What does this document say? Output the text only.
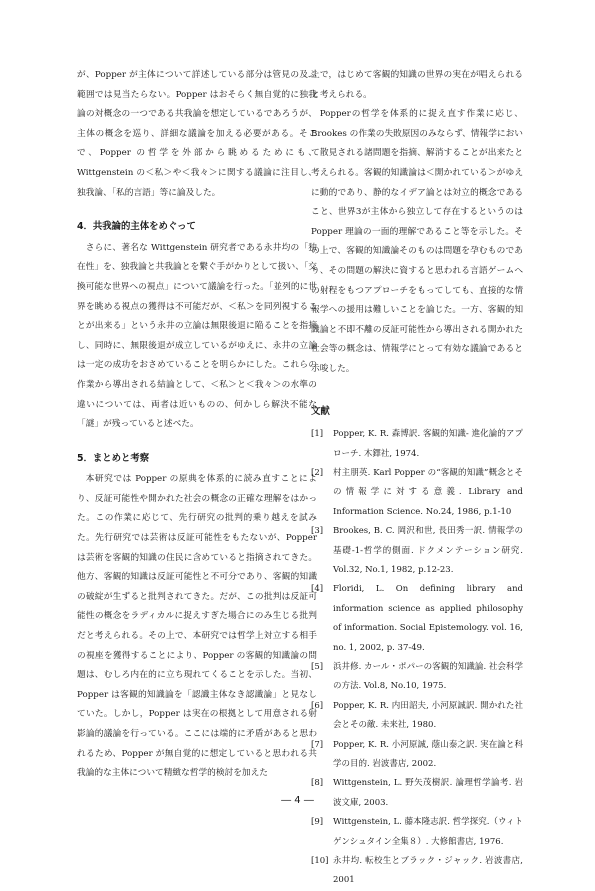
が、Popper が主体について詳述している部分は管見の及ぶ範囲では見当たらない。Popper はおそらく無自覚的に独我論の対概念の一つである共我論を想定しているであろうが、主体の概念を巡り、詳細な議論を加える必要がある。そこで、Popper の哲学を外部から眺めるためにも、Wittgenstein の＜私＞や＜我々＞に関する議論に注目し、独我論、「私的言語」等に論及した。

4．共我論的主体をめぐって

さらに、著名な Wittgenstein 研究者である永井均の「独在性」を、独我論と共我論とを繋ぐ手がかりとして扱い、「交換可能な世界への視点」について議論を行った。「並列的に世界を眺める視点の獲得は不可能だが、＜私＞を同列視することが出来る」という永井の立論は無限後退に陥ることを指摘し、同時に、無限後退が成立しているがゆえに、永井の立論は一定の成功をおさめていることを明らかにした。これらの作業から導出される結論として、＜私＞と＜我々＞の水準の違いについては、両者は近いものの、何かしら解決不能な「謎」が残っていると述べた。

5．まとめと考察

本研究では Popper の原典を体系的に読み直すことにより、反証可能性や開かれた社会の概念の正確な理解をはかった。この作業に応じて、先行研究の批判的乗り越えを試みた。先行研究では芸術は反証可能性をもたないが、Popper は芸術を客観的知識の住民に含めていると指摘されてきた。他方、客観的知識は反証可能性と不可分であり、客観的知識の破綻が生ずると批判されてきた。だが、この批判は反証可能性の概念をラディカルに捉えすぎた場合にのみ生じる批判だと考えられる。その上で、本研究では哲学上対立する相手の視座を獲得することにより、Popper の客観的知識論の問題は、むしろ内在的に立ち現れてくることを示した。当初、Popper は客観的知識論を「認識主体なき認識論」と見なしていた。しかし，Popper は実在の根拠として用意される射影論的議論を行っている。ここには端的に矛盾があると思われるため、Popper が無自覚的に想定していると思われる共我論的な主体について精緻な哲学的検討を加えた

上で，はじめて客観的知識の世界の実在が唱えられると考えられる。

Popperの哲学を体系的に捉え直す作業に応じ、Brookes の作業の失敗原因のみならず、情報学において散見される諸問題を指摘、解消することが出来たと考えられる。客観的知識論は＜開かれている＞がゆえに動的であり、静的なイデア論とは対立的概念であること、世界3が主体から独立して存在するというのは Popper 理論の一面的理解であること等を示した。その上で、客観的知識論そのものは問題を孕むものであり、その問題の解決に資すると思われる言語ゲームへの射程をもつアプローチをもってしても、直接的な情報学への援用は難しいことを論じた。一方、客観的知識論と不即不離の反証可能性から導出される開かれた社会等の概念は、情報学にとって有効な議論であると示唆した。

文献
[1]	Popper, K. R. 森博訳. 客観的知識‐ 進化論的アプローチ. 木鐸社, 1974.
[2]	村主朋英. Karl Popper の“客観的知識”概念とその情報学に対する意義. Library and Information Science. No.24, 1986, p.1-10
[3]	Brookes, B. C. 岡沢和世, 長田秀一訳. 情報学の基礎-1-哲学的側面. ドクメンテーション研究. Vol.32, No.1, 1982, p.12-23.
[4]	Floridi, L. On defining library and information science as applied philosophy of information. Social Epistemology. vol. 16, no. 1, 2002, p. 37-49.
[5]	浜井修. カール・ポパーの客観的知識論. 社会科学の方法. Vol.8, No.10, 1975.
[6]	Popper, K. R. 内田詔夫, 小河原誠訳. 開かれた社会とその敵. 未来社, 1980.
[7]	Popper, K. R. 小河原誠, 蔭山泰之訳. 実在論と科学の目的. 岩波書店, 2002.
[8]	Wittgenstein, L. 野矢茂樹訳. 論理哲学論考. 岩波文庫, 2003.
[9]	Wittgenstein, L. 藤本隆志訳. 哲学探究.（ウィトゲンシュタイン全集８）. 大修館書店, 1976.
[10] 永井均. 転校生とブラック・ジャック. 岩波書店, 2001
― 4 ―
